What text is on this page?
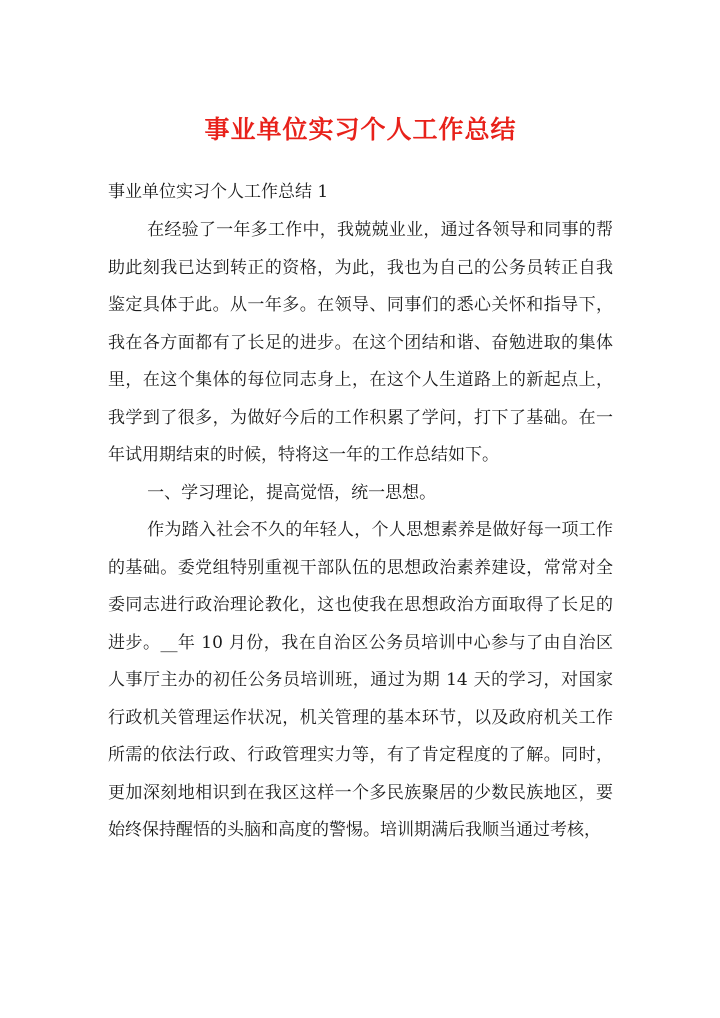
事业单位实习个人工作总结
事业单位实习个人工作总结 1

在经验了一年多工作中，我兢兢业业，通过各领导和同事的帮助此刻我已达到转正的资格，为此，我也为自己的公务员转正自我鉴定具体于此。从一年多。在领导、同事们的悉心关怀和指导下，我在各方面都有了长足的进步。在这个团结和谐、奋勉进取的集体里，在这个集体的每位同志身上，在这个人生道路上的新起点上，我学到了很多，为做好今后的工作积累了学问，打下了基础。在一年试用期结束的时候，特将这一年的工作总结如下。

一、学习理论，提高觉悟，统一思想。

作为踏入社会不久的年轻人，个人思想素养是做好每一项工作的基础。委党组特别重视干部队伍的思想政治素养建设，常常对全委同志进行政治理论教化，这也使我在思想政治方面取得了长足的进步。__年 10 月份，我在自治区公务员培训中心参与了由自治区人事厅主办的初任公务员培训班，通过为期 14 天的学习，对国家行政机关管理运作状况，机关管理的基本环节，以及政府机关工作所需的依法行政、行政管理实力等，有了肯定程度的了解。同时，更加深刻地相识到在我区这样一个多民族聚居的少数民族地区，要始终保持醒悟的头脑和高度的警惕。培训期满后我顺当通过考核，
